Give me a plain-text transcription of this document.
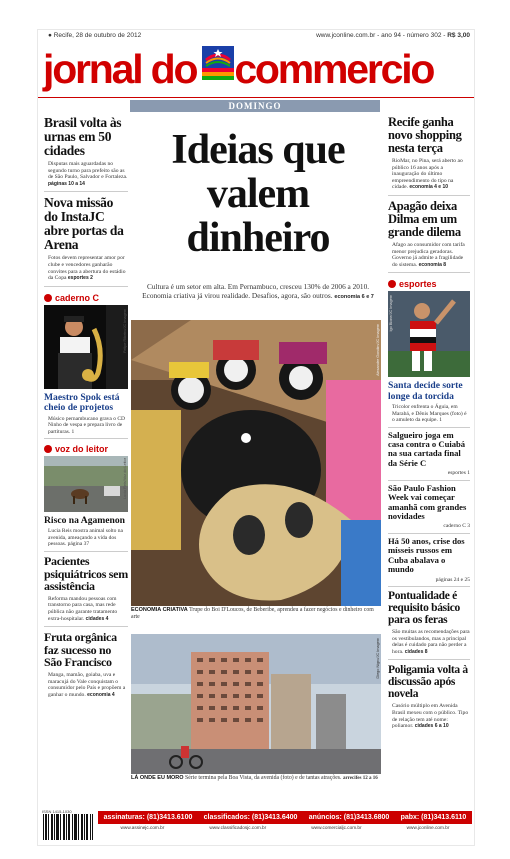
● Recife, 28 de outubro de 2012	www.jconline.com.br - ano 94 - número 302 - R$ 3,00
jornal do commercio
DOMINGO
Brasil volta às urnas em 50 cidades

Disputas mais aguardadas no segundo turno para prefeito são as de São Paulo, Salvador e Fortaleza. páginas 10 a 14

Nova missão do InstaJC abre portas da Arena

Fotos devem representar amor por clube e vencedores ganharão convites para a abertura do estádio da Copa esportes 2

caderno C
Felipe Ribeiro/JC Imagem
Maestro Spok está cheio de projetos

Músico pernambucano grava o CD Ninho de vespa e prepara livro de partituras. 1

voz do leitor
Lucia Reis/Voz do Leitor
Risco na Agamenon

Lucia Reis mostra animal solto na avenida, ameaçando a vida dos pessoas. página 37

Pacientes psiquiátricos sem assistência

Reforma mandou pessoas com transtorno para casa, mas rede pública não garante tratamento extra-hospitalar. cidades 4

Fruta orgânica faz sucesso no São Francisco

Manga, mamão, goiaba, uva e maracujá do Vale conquistam o consumidor pelo País e propõem a ganhar o mundo. economia 4

Ideias que
valem
dinheiro
Cultura é um setor em alta. Em Pernambuco, cresceu 130% de 2006 a 2010. Economia criativa já virou realidade. Desafios, agora, são outros. economia 6 e 7
Alexandre Gondim/JC Imagem
ECONOMIA CRIATIVA Trupe do Boi D'Loucos, de Beberibe, aprendeu a fazer negócios e dinheiro com arte
Diego Nigro/JC Imagem
LÁ ONDE EU MORO Série termina pela Boa Vista, da avenida (foto) e de tantas atrações. arrecifes 12 a 16
Recife ganha novo shopping nesta terça

RioMar, no Pina, será aberto ao público 16 anos após a inauguração do último empreendimento do tipo na cidade. economia 4 e 10

Apagão deixa Dilma em um grande dilema

Afago ao consumidor com tarifa menor prejudica geradoras. Governo já admite a fragilidade do sistema. economia 8

esportes
Igo Bione/JC Imagem
Santa decide sorte longe da torcida

Tricolor enfrenta o Águia, em Marabá, e Dênis Marques (foto) é o amuleto da equipe. 1

Salgueiro joga em casa contra o Cuiabá na sua cartada final da Série C

esportes 1

São Paulo Fashion Week vai começar amanhã com grandes novidades

caderno C 3

Há 50 anos, crise dos mísseis russos em Cuba abalava o mundo

páginas 24 e 25

Pontualidade é requisito básico para os feras

São muitas as recomendações para os vestibulandos, mas a principal delas é cuidado para não perder a hora. cidades 8

Poligamia volta à discussão após novela

Casório múltiplo em Avenida Brasil mexeu com o público. Tipo de relação tem até nome: poliamor. cidades 6 a 10

ISSN 1415-1030
assinaturas: (81)3413.6100 classificados: (81)3413.6400 anúncios: (81)3413.6800 pabx: (81)3413.6110
www.assinejc.com.br	www.classificadosjc.com.br	www.comercialjc.com.br	www.jconline.com.br
